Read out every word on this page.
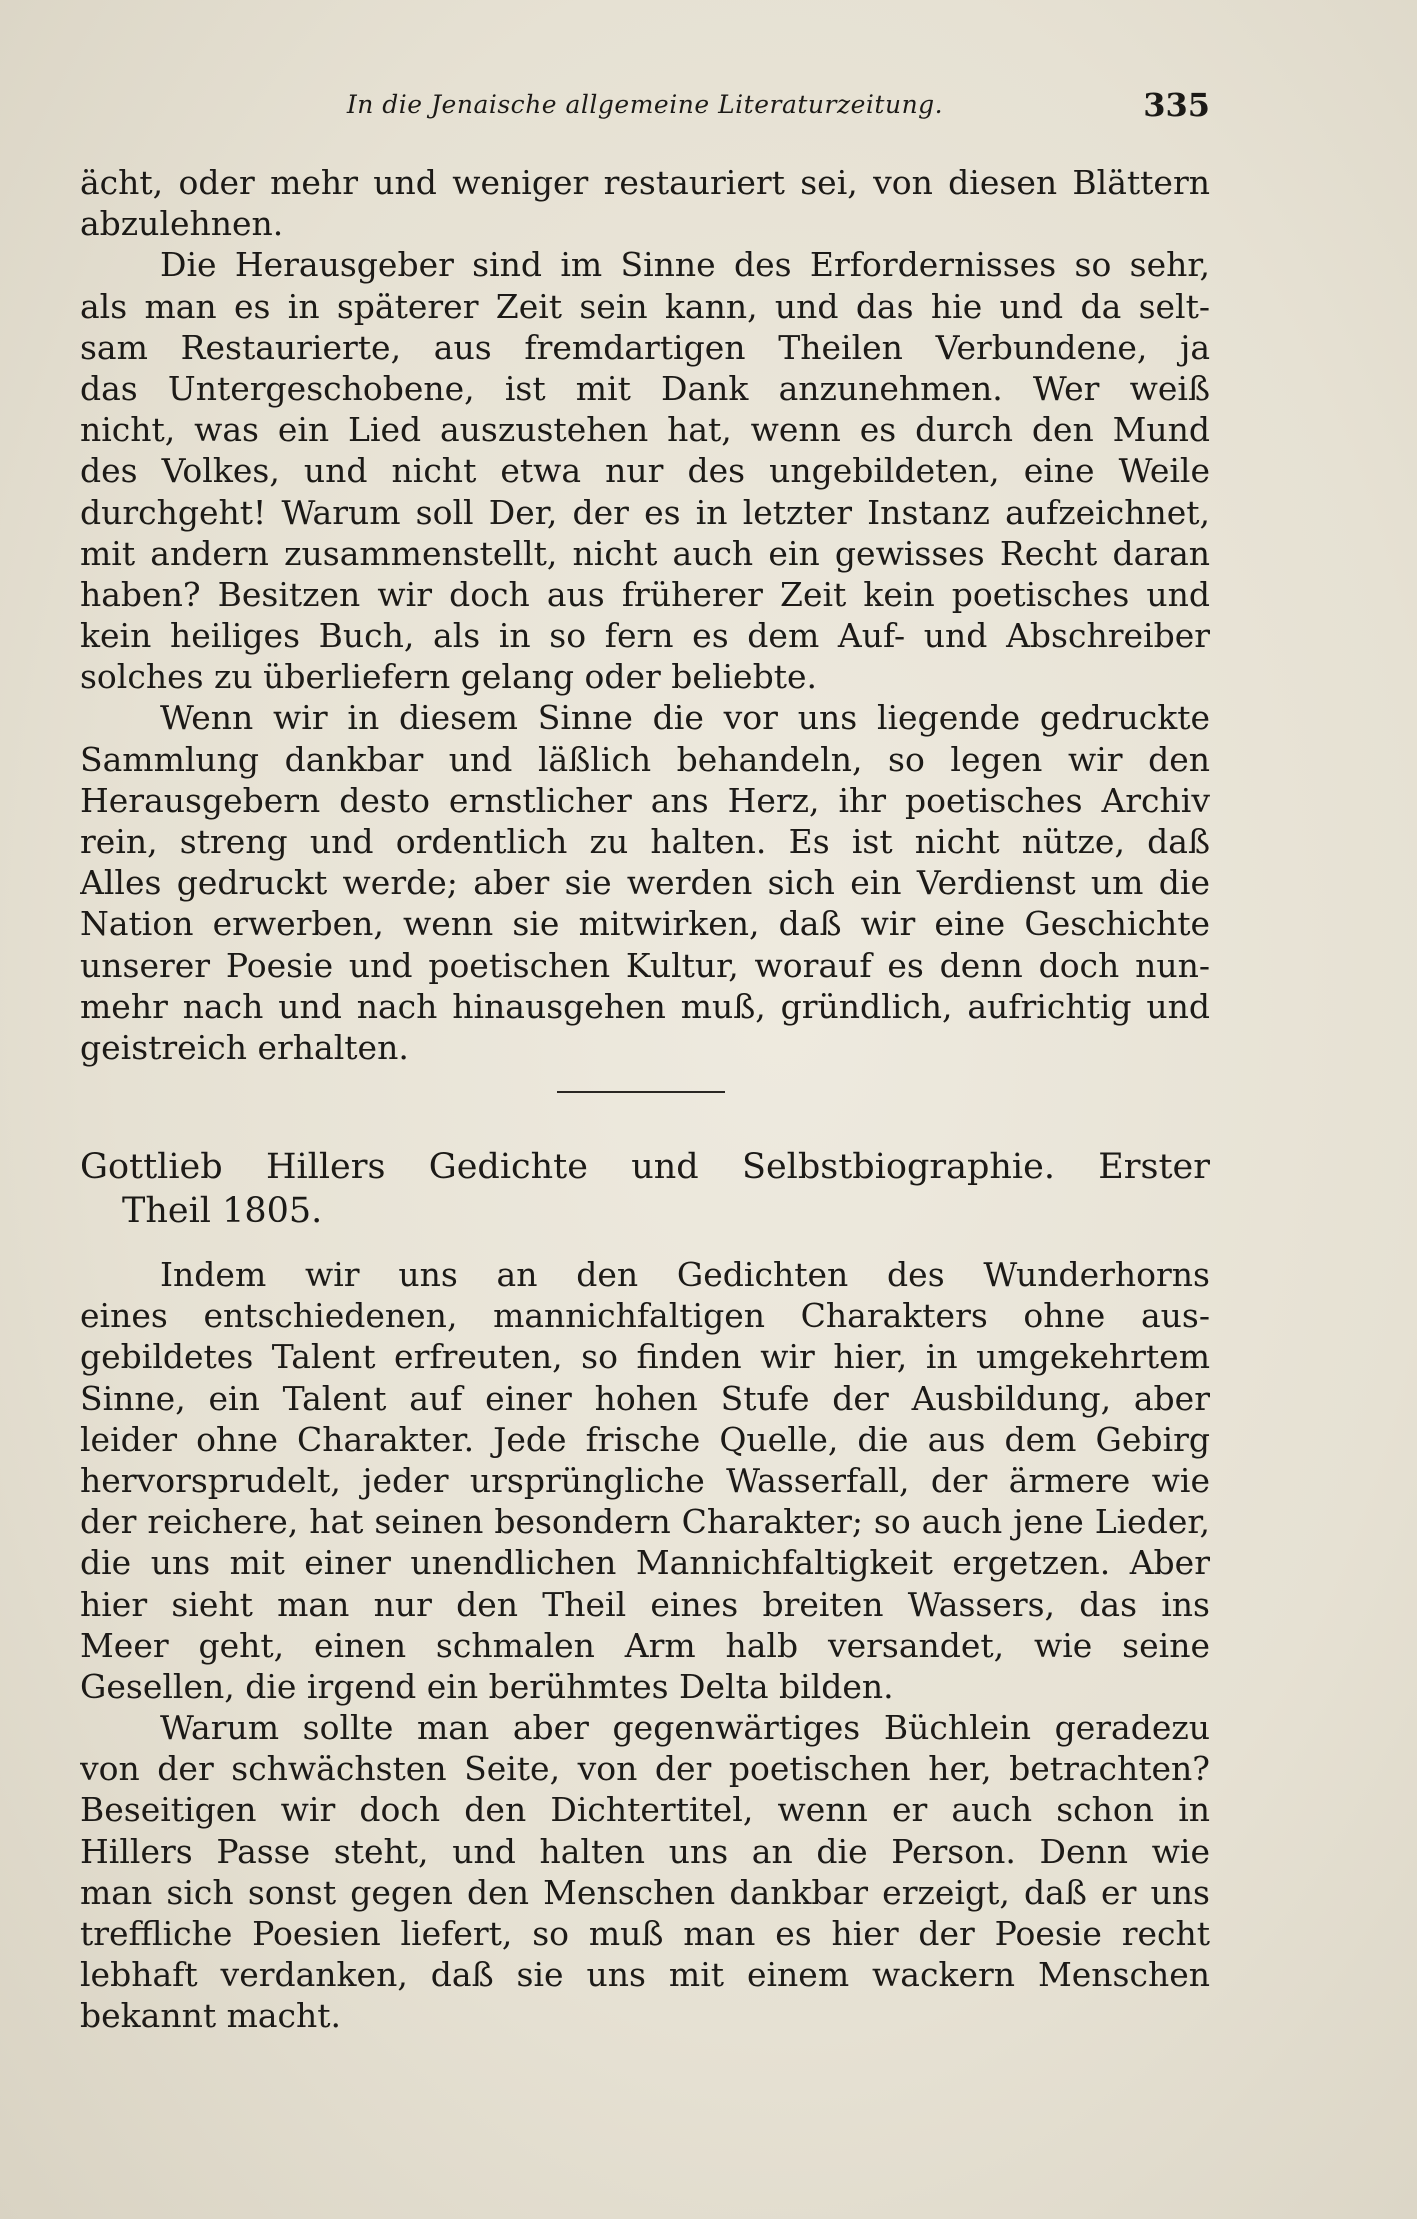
In die Jenaische allgemeine Literaturzeitung.	335
ächt, oder mehr und weniger restauriert sei, von diesen Blättern
abzulehnen.
Die Herausgeber sind im Sinne des Erfordernisses so sehr,
als man es in späterer Zeit sein kann, und das hie und da selt-
sam Restaurierte, aus fremdartigen Theilen Verbundene, ja
das Untergeschobene, ist mit Dank anzunehmen. Wer weiß
nicht, was ein Lied auszustehen hat, wenn es durch den Mund
des Volkes, und nicht etwa nur des ungebildeten, eine Weile
durchgeht! Warum soll Der, der es in letzter Instanz aufzeichnet,
mit andern zusammenstellt, nicht auch ein gewisses Recht daran
haben? Besitzen wir doch aus früherer Zeit kein poetisches und
kein heiliges Buch, als in so fern es dem Auf- und Abschreiber
solches zu überliefern gelang oder beliebte.
Wenn wir in diesem Sinne die vor uns liegende gedruckte
Sammlung dankbar und läßlich behandeln, so legen wir den
Herausgebern desto ernstlicher ans Herz, ihr poetisches Archiv
rein, streng und ordentlich zu halten. Es ist nicht nütze, daß
Alles gedruckt werde; aber sie werden sich ein Verdienst um die
Nation erwerben, wenn sie mitwirken, daß wir eine Geschichte
unserer Poesie und poetischen Kultur, worauf es denn doch nun-
mehr nach und nach hinausgehen muß, gründlich, aufrichtig und
geistreich erhalten.
Gottlieb Hillers Gedichte und Selbstbiographie. Erster
Theil 1805.
Indem wir uns an den Gedichten des Wunderhorns
eines entschiedenen, mannichfaltigen Charakters ohne aus-
gebildetes Talent erfreuten, so finden wir hier, in umgekehrtem
Sinne, ein Talent auf einer hohen Stufe der Ausbildung, aber
leider ohne Charakter. Jede frische Quelle, die aus dem Gebirg
hervorsprudelt, jeder ursprüngliche Wasserfall, der ärmere wie
der reichere, hat seinen besondern Charakter; so auch jene Lieder,
die uns mit einer unendlichen Mannichfaltigkeit ergetzen. Aber
hier sieht man nur den Theil eines breiten Wassers, das ins
Meer geht, einen schmalen Arm halb versandet, wie seine
Gesellen, die irgend ein berühmtes Delta bilden.
Warum sollte man aber gegenwärtiges Büchlein geradezu
von der schwächsten Seite, von der poetischen her, betrachten?
Beseitigen wir doch den Dichtertitel, wenn er auch schon in
Hillers Passe steht, und halten uns an die Person. Denn wie
man sich sonst gegen den Menschen dankbar erzeigt, daß er uns
treffliche Poesien liefert, so muß man es hier der Poesie recht
lebhaft verdanken, daß sie uns mit einem wackern Menschen
bekannt macht.
